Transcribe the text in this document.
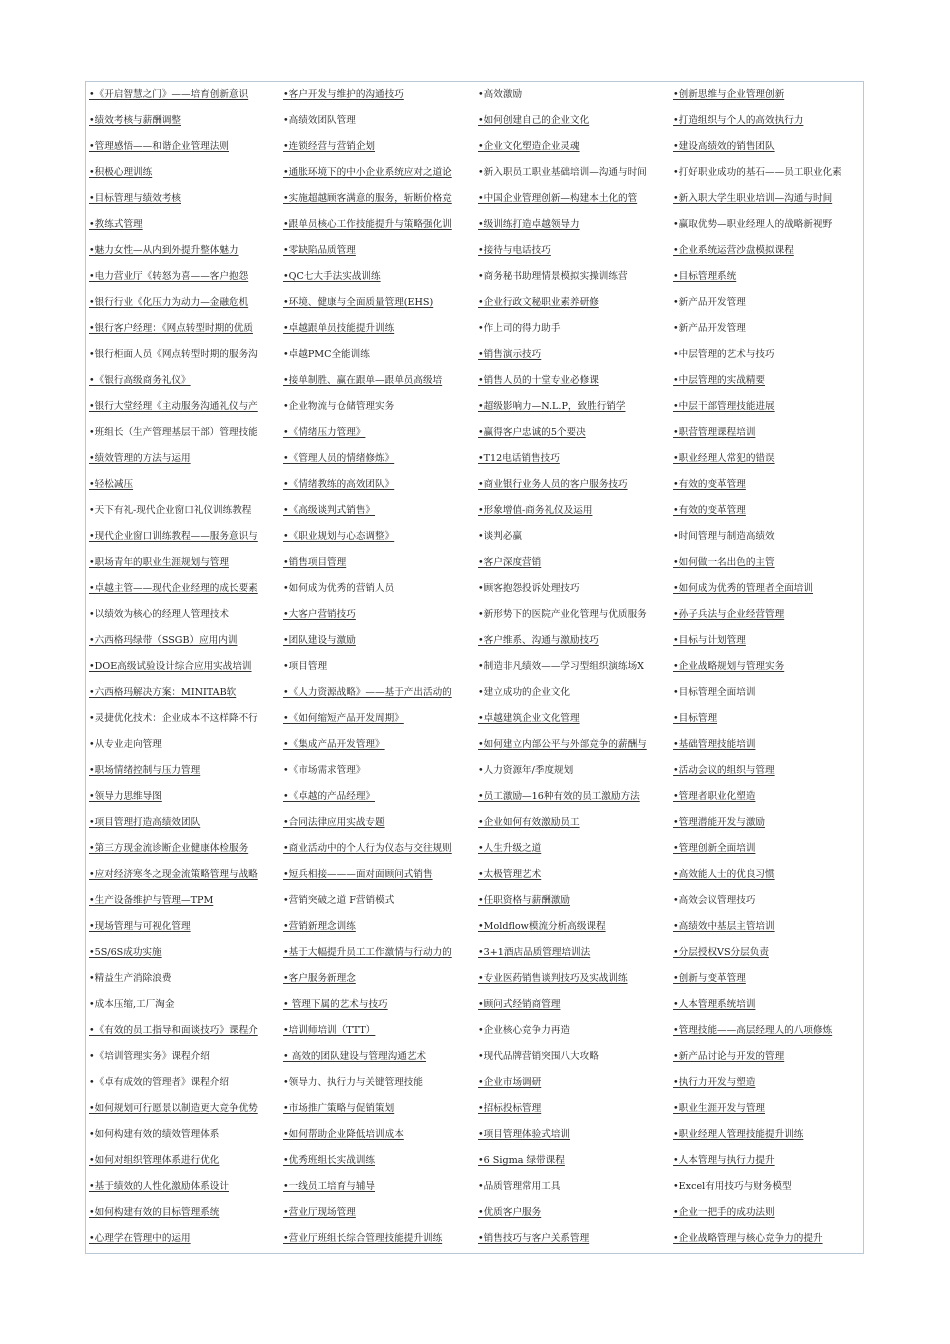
•《开启智慧之门》——培育创新意识
•绩效考核与薪酬调整
•管理感悟——和谐企业管理法则
•积极心理训练
•目标管理与绩效考核
•教练式管理
•魅力女性—从内到外提升整体魅力
•电力营业厅《转怒为喜——客户抱怨
•银行行业《化压力为动力—金融危机
•银行客户经理：《网点转型时期的优质
•银行柜面人员《网点转型时期的服务沟
•《银行高级商务礼仪》
•银行大堂经理《主动服务沟通礼仪与产
•班组长（生产管理基层干部）管理技能
•绩效管理的方法与运用
•轻松减压
•天下有礼-现代企业窗口礼仪训练教程
•现代企业窗口训练教程——服务意识与
•职场青年的职业生涯规划与管理
•卓越主管——现代企业经理的成长要素
•以绩效为核心的经理人管理技术
•六西格玛绿带（SSGB）应用内训
•DOE高级试验设计综合应用实战培训
•六西格玛解决方案：MINITAB软
•灵捷优化技术：企业成本不这样降不行
•从专业走向管理
•职场情绪控制与压力管理
•领导力思维导图
•项目管理打造高绩效团队
•第三方现金流诊断企业健康体检服务
•应对经济寒冬之现金流策略管理与战略
•生产设备维护与管理—TPM
•现场管理与可视化管理
•5S/6S成功实施
•精益生产消除浪费
•成本压缩,工厂淘金
•《有效的员工指导和面谈技巧》课程介
•《培训管理实务》课程介绍
•《卓有成效的管理者》课程介绍
•如何规划可行愿景以制造更大竞争优势
•如何构建有效的绩效管理体系
•如何对组织管理体系进行优化
•基于绩效的人性化激励体系设计
•如何构建有效的目标管理系统
•心理学在管理中的运用
•客户开发与维护的沟通技巧
•高绩效团队管理
•连锁经营与营销企划
•通胀环境下的中小企业系统应对之道论
•实施超越顾客满意的服务，斩断价格竞
•跟单员核心工作技能提升与策略强化训
•零缺陷品质管理
•QC七大手法实战训练
•环境、健康与全面质量管理(EHS)
•卓越跟单员技能提升训练
•卓越PMC全能训练
•接单制胜、赢在跟单—跟单员高级培
•企业物流与仓储管理实务
•《情绪压力管理》
•《管理人员的情绪修炼》
•《情绪教练的高效团队》
•《高级谈判式销售》
•《职业规划与心态调整》
•销售项目管理
•如何成为优秀的营销人员
•大客户营销技巧
•团队建设与激励
•项目管理
•《人力资源战略》——基于产出活动的
•《如何缩短产品开发周期》
•《集成产品开发管理》
•《市场需求管理》
•《卓越的产品经理》
•合同法律应用实战专题
•商业活动中的个人行为仪态与交往规则
•短兵相接———面对面顾问式销售
•营销突破之道 F营销模式
•营销新理念训练
•基于大幅提升员工工作激情与行动力的
•客户服务新理念
• 管理下属的艺术与技巧
•培训师培训（TTT）
• 高效的团队建设与管理沟通艺术
•领导力、执行力与关键管理技能
•市场推广策略与促销策划
•如何帮助企业降低培训成本
•优秀班组长实战训练
•一线员工培育与辅导
•营业厅现场管理
•营业厅班组长综合管理技能提升训练
•高效激励
•如何创建自己的企业文化
•企业文化塑造企业灵魂
•新入职员工职业基础培训—沟通与时间
•中国企业管理创新—构建本土化的管
•级训练打造卓越领导力
•接待与电话技巧
•商务秘书助理情景模拟实操训练营
•企业行政文秘职业素养研修
•作上司的得力助手
•销售演示技巧
•销售人员的十堂专业必修课
•超级影响力—N.L.P，致胜行销学
•赢得客户忠诚的5个要决
•T12电话销售技巧
•商业银行业务人员的客户服务技巧
•形象增值-商务礼仪及运用
•谈判必赢
•客户深度营销
•顾客抱怨投诉处理技巧
•新形势下的医院产业化管理与优质服务
•客户维系、沟通与激励技巧
•制造非凡绩效——学习型组织演练场Ⅹ
•建立成功的企业文化
•卓越建筑企业文化管理
•如何建立内部公平与外部竞争的薪酬与
•人力资源年/季度规划
•员工激励—16种有效的员工激励方法
•企业如何有效激励员工
•人生升级之道
•太极管理艺术
•任职资格与薪酬激励
•Moldflow模流分析高级课程
•3+1酒店品质管理培训法
•专业医药销售谈判技巧及实战训练
•顾问式经销商管理
•企业核心竞争力再造
•现代品牌营销突围八大攻略
•企业市场调研
•招标投标管理
•项目管理体验式培训
•6 Sigma 绿带课程
•品质管理常用工具
•优质客户服务
•销售技巧与客户关系管理
•创新思维与企业管理创新
•打造组织与个人的高效执行力
•建设高绩效的销售团队
•打好职业成功的基石——员工职业化素
•新入职大学生职业培训—沟通与时间
•赢取优势—职业经理人的战略新视野
•企业系统运营沙盘模拟课程
•目标管理系统
•新产品开发管理
•新产品开发管理
•中层管理的艺术与技巧
•中层管理的实战精要
•中层干部管理技能进展
•职营管理课程培训
•职业经理人常犯的错误
•有效的变革管理
•有效的变革管理
•时间管理与制造高绩效
•如何做一名出色的主管
•如何成为优秀的管理者全面培训
•孙子兵法与企业经营管理
•目标与计划管理
•企业战略规划与管理实务
•目标管理全面培训
•目标管理
•基础管理技能培训
•活动会议的组织与管理
•管理者职业化塑造
•管理潜能开发与激励
•管理创新全面培训
•高效能人士的优良习惯
•高效会议管理技巧
•高绩效中基层主管培训
•分层授权VS分层负责
•创新与变革管理
•人本管理系统培训
•管理技能——高层经理人的八项修炼
•新产品讨论与开发的管理
•执行力开发与塑造
•职业生涯开发与管理
•职业经理人管理技能提升训练
•人本管理与执行力提升
•Excel有用技巧与财务模型
•企业一把手的成功法则
•企业战略管理与核心竞争力的提升
